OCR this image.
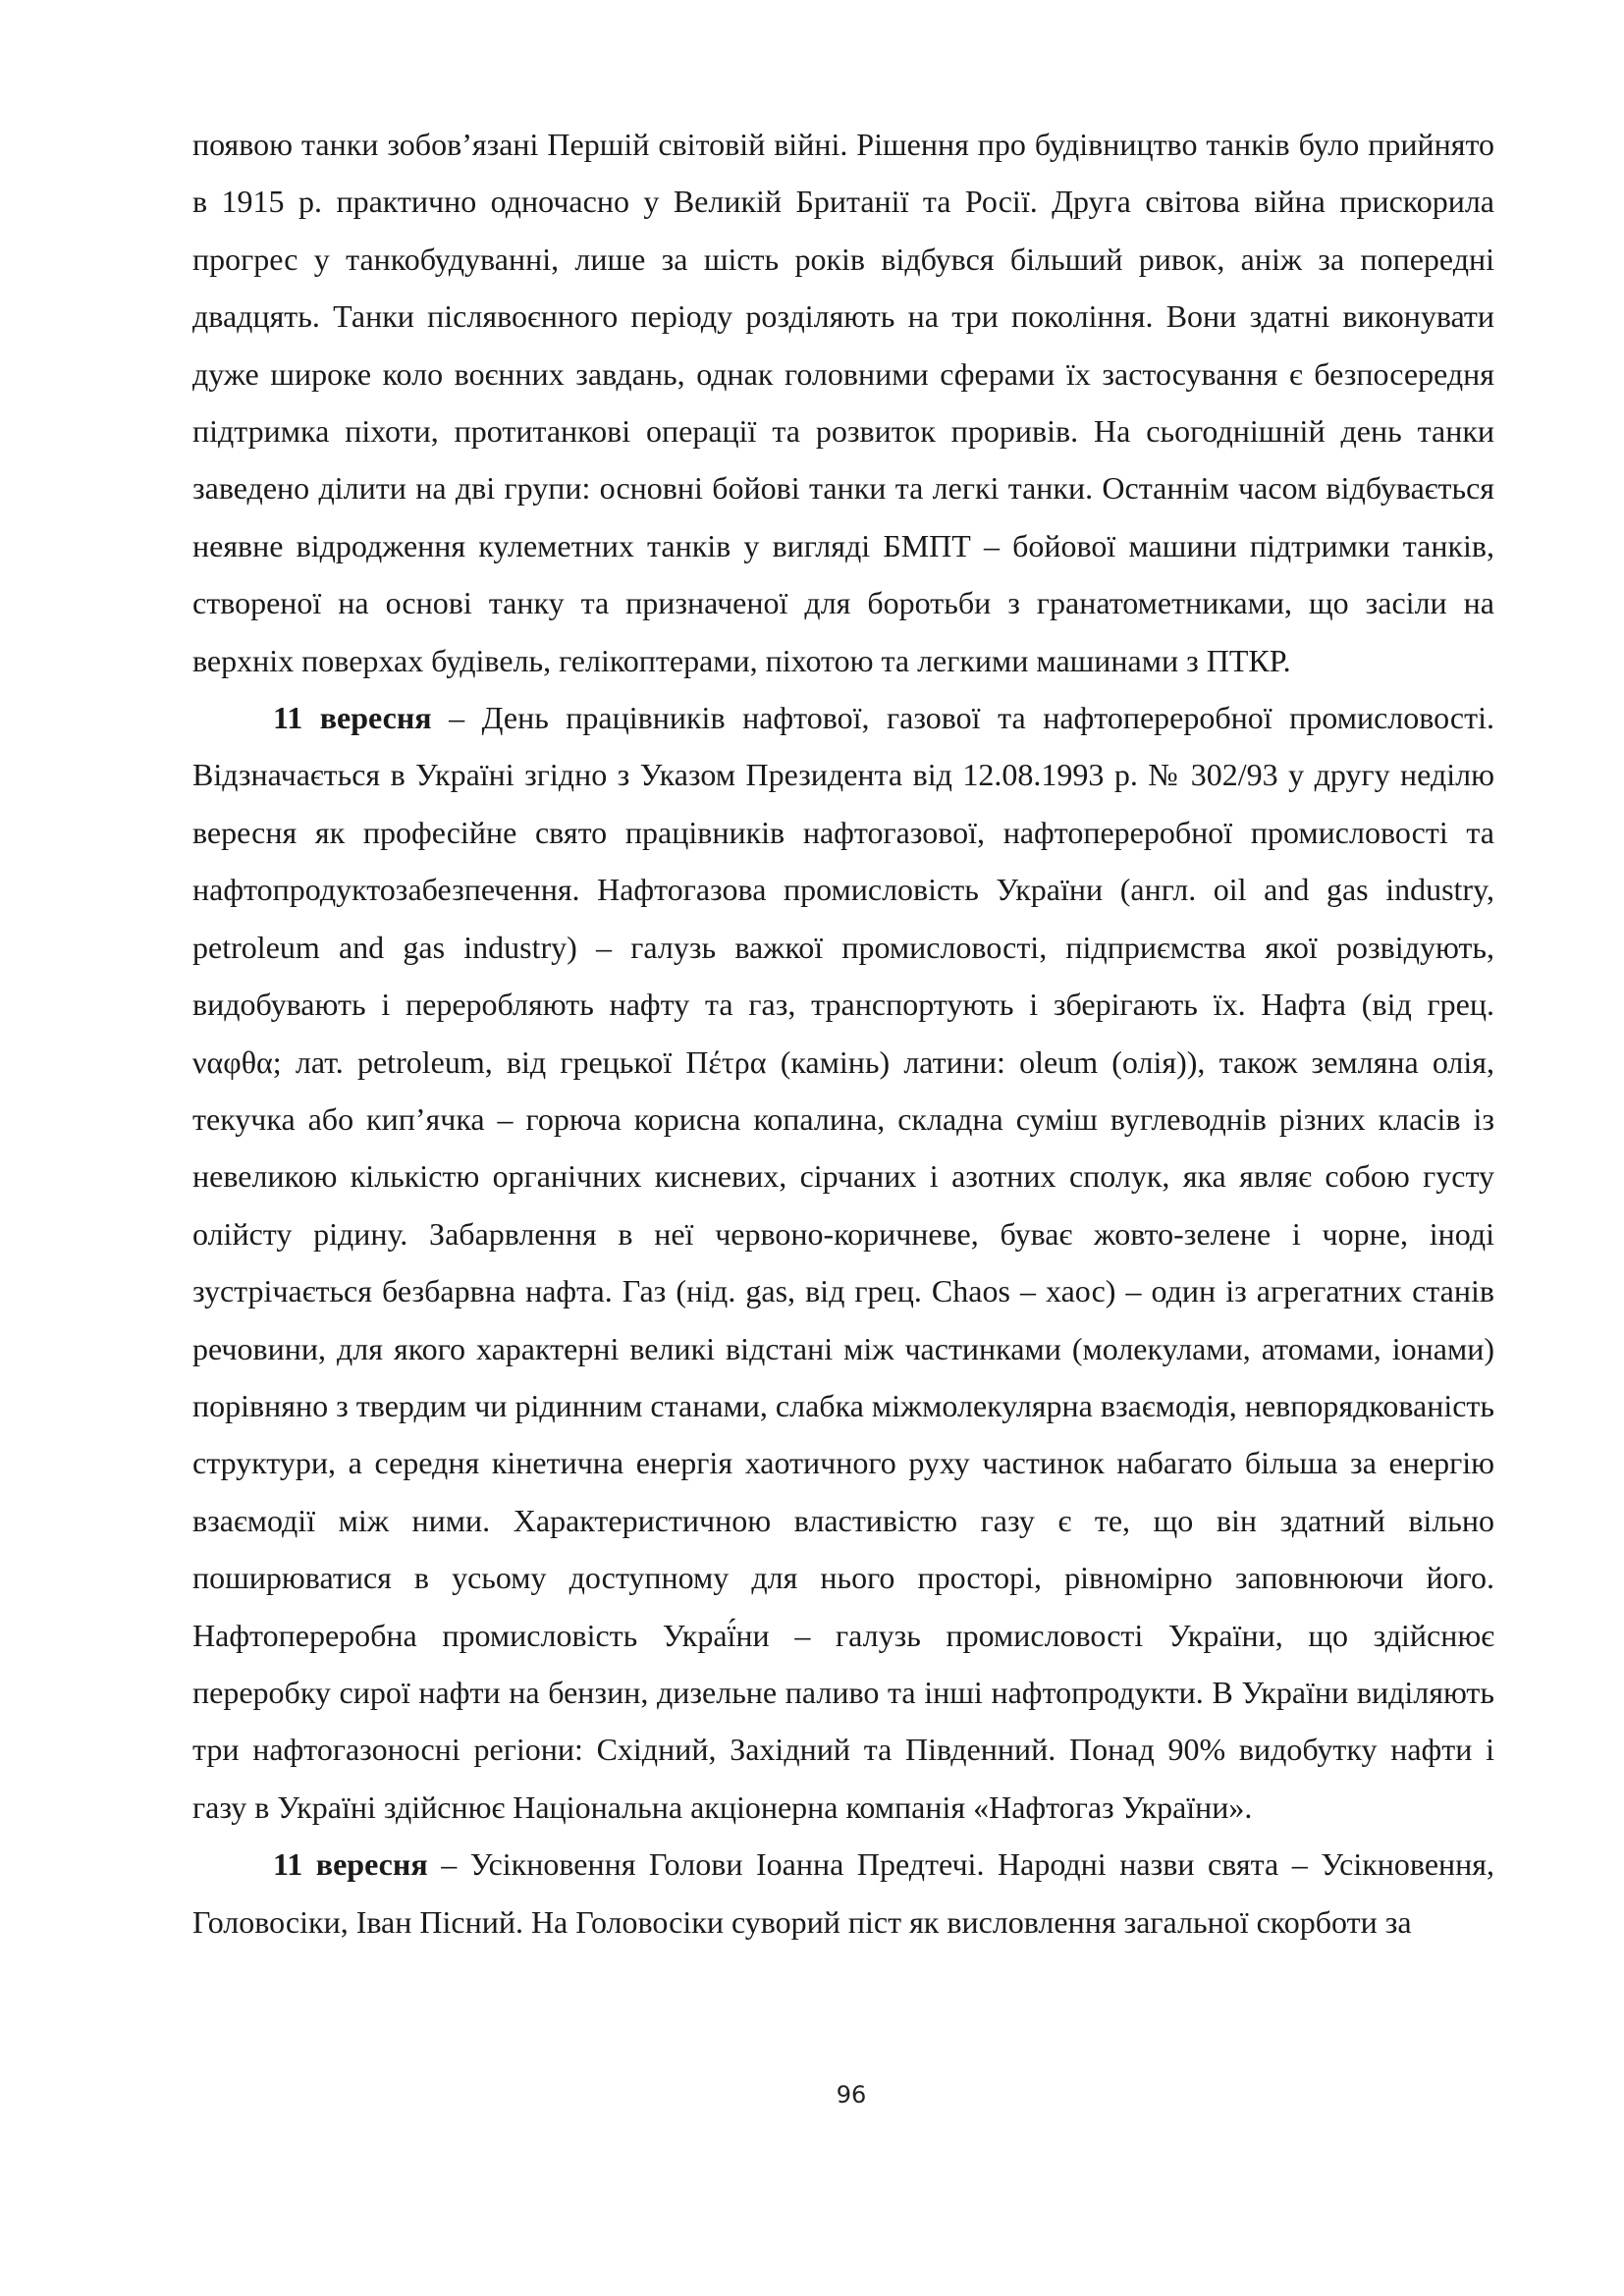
появою танки зобов’язані Першій світовій війні. Рішення про будівництво танків було прийнято в 1915 р. практично одночасно у Великій Британії та Росії. Друга світова війна прискорила прогрес у танкобудуванні, лише за шість років відбувся більший ривок, аніж за попередні двадцять. Танки післявоєнного періоду розділяють на три покоління. Вони здатні виконувати дуже широке коло воєнних завдань, однак головними сферами їх застосування є безпосередня підтримка піхоти, протитанкові операції та розвиток проривів. На сьогоднішній день танки заведено ділити на дві групи: основні бойові танки та легкі танки. Останнім часом відбувається неявне відродження кулеметних танків у вигляді БМПТ – бойової машини підтримки танків, створеної на основі танку та призначеної для боротьби з гранатометниками, що засіли на верхніх поверхах будівель, гелікоптерами, піхотою та легкими машинами з ПТКР.

11 вересня – День працівників нафтової, газової та нафтопереробної промисловості. Відзначається в Україні згідно з Указом Президента від 12.08.1993 р. № 302/93 у другу неділю вересня як професійне свято працівників нафтогазової, нафтопереробної промисловості та нафтопродуктозабезпечення. Нафтогазова промисловість України (англ. oil and gas industry, petroleum and gas industry) – галузь важкої промисловості, підприємства якої розвідують, видобувають і переробляють нафту та газ, транспортують і зберігають їх. Нафта (від грец. ναφθα; лат. petroleum, від грецької Πέτρα (камінь) латини: oleum (олія)), також земляна олія, текучка або кип’ячка – горюча корисна копалина, складна суміш вуглеводнів різних класів із невеликою кількістю органічних кисневих, сірчаних і азотних сполук, яка являє собою густу олійсту рідину. Забарвлення в неї червоно-коричневе, буває жовто-зелене і чорне, іноді зустрічається безбарвна нафта. Газ (нід. gas, від грец. Chaos – хаос) – один із агрегатних станів речовини, для якого характерні великі відстані між частинками (молекулами, атомами, іонами) порівняно з твердим чи рідинним станами, слабка міжмолекулярна взаємодія, невпорядкованість структури, а середня кінетична енергія хаотичного руху частинок набагато більша за енергію взаємодії між ними. Характеристичною властивістю газу є те, що він здатний вільно поширюватися в усьому доступному для нього просторі, рівномірно заповнюючи його. Нафтопереробна промисловість Украї́ни – галузь промисловості України, що здійснює переробку сирої нафти на бензин, дизельне паливо та інші нафтопродукти. В України виділяють три нафтогазоносні регіони: Східний, Західний та Південний. Понад 90% видобутку нафти і газу в Україні здійснює Національна акціонерна компанія «Нафтогаз України».

11 вересня – Усікновення Голови Іоанна Предтечі. Народні назви свята – Усікновення, Головосіки, Іван Пісний. На Головосіки суворий піст як висловлення загальної скорботи за

96
